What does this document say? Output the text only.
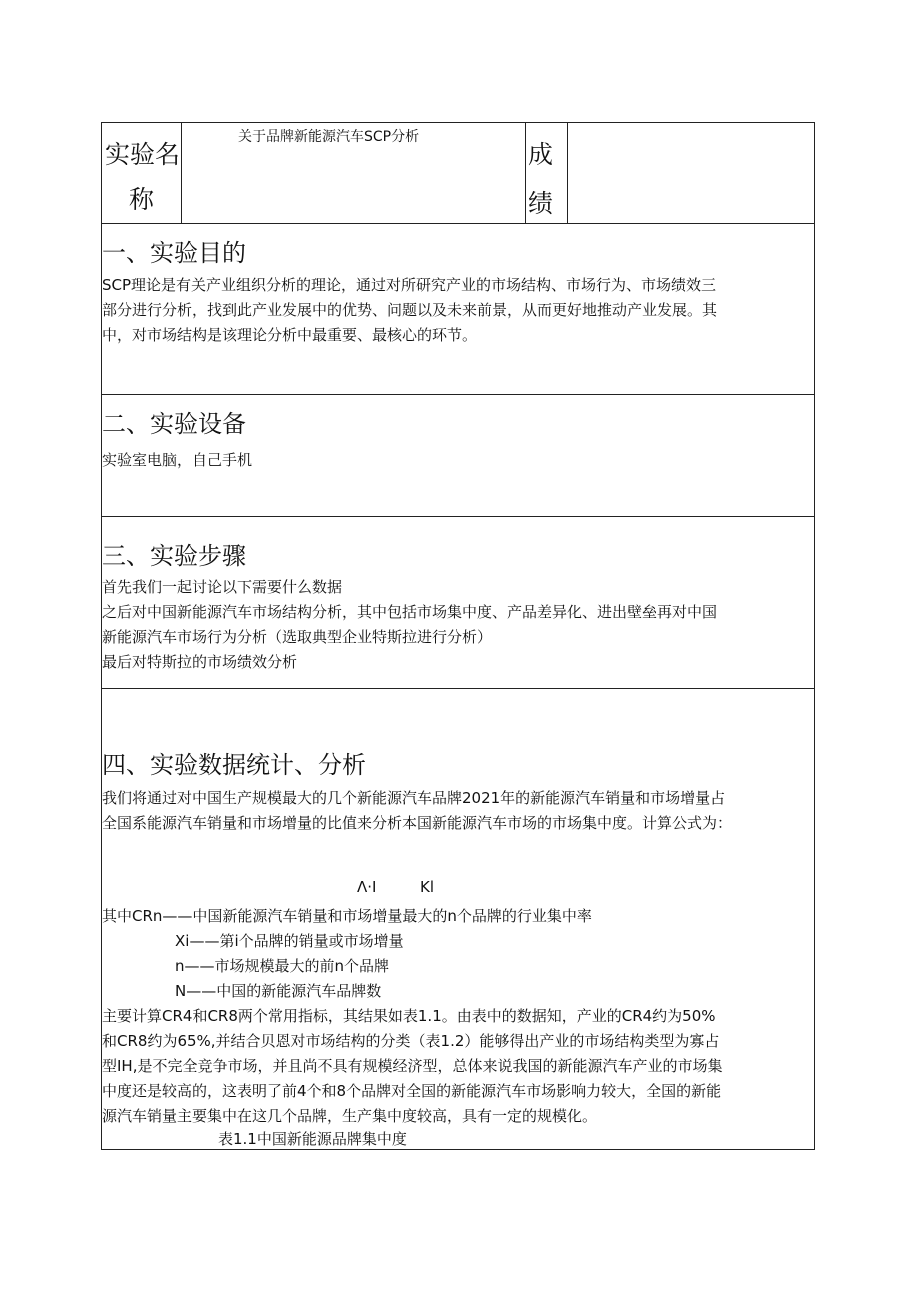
实验名
称
关于品牌新能源汽车SCP分析
成
绩
一、实验目的
SCP理论是有关产业组织分析的理论，通过对所研究产业的市场结构、市场行为、市场绩效三
部分进行分析，找到此产业发展中的优势、问题以及未来前景，从而更好地推动产业发展。其
中，对市场结构是该理论分析中最重要、最核心的环节。
二、实验设备
实验室电脑，自己手机
三、实验步骤
首先我们一起讨论以下需要什么数据
之后对中国新能源汽车市场结构分析，其中包括市场集中度、产品差异化、进出壁垒再对中国
新能源汽车市场行为分析（选取典型企业特斯拉进行分析）
最后对特斯拉的市场绩效分析
四、实验数据统计、分析
我们将通过对中国生产规模最大的几个新能源汽车品牌2021年的新能源汽车销量和市场增量占
全国系能源汽车销量和市场增量的比值来分析本国新能源汽车市场的市场集中度。计算公式为：
Λ·I	Kl
其中CRn——中国新能源汽车销量和市场增量最大的n个品牌的行业集中率
Xi——第i个品牌的销量或市场增量
n——市场规模最大的前n个品牌
N——中国的新能源汽车品牌数
主要计算CR4和CR8两个常用指标，其结果如表1.1。由表中的数据知，产业的CR4约为50%
和CR8约为65%,并结合贝恩对市场结构的分类（表1.2）能够得出产业的市场结构类型为寡占
型IH,是不完全竞争市场，并且尚不具有规模经济型，总体来说我国的新能源汽车产业的市场集
中度还是较高的，这表明了前4个和8个品牌对全国的新能源汽车市场影响力较大，全国的新能
源汽车销量主要集中在这几个品牌，生产集中度较高，具有一定的规模化。
表1.1中国新能源品牌集中度
